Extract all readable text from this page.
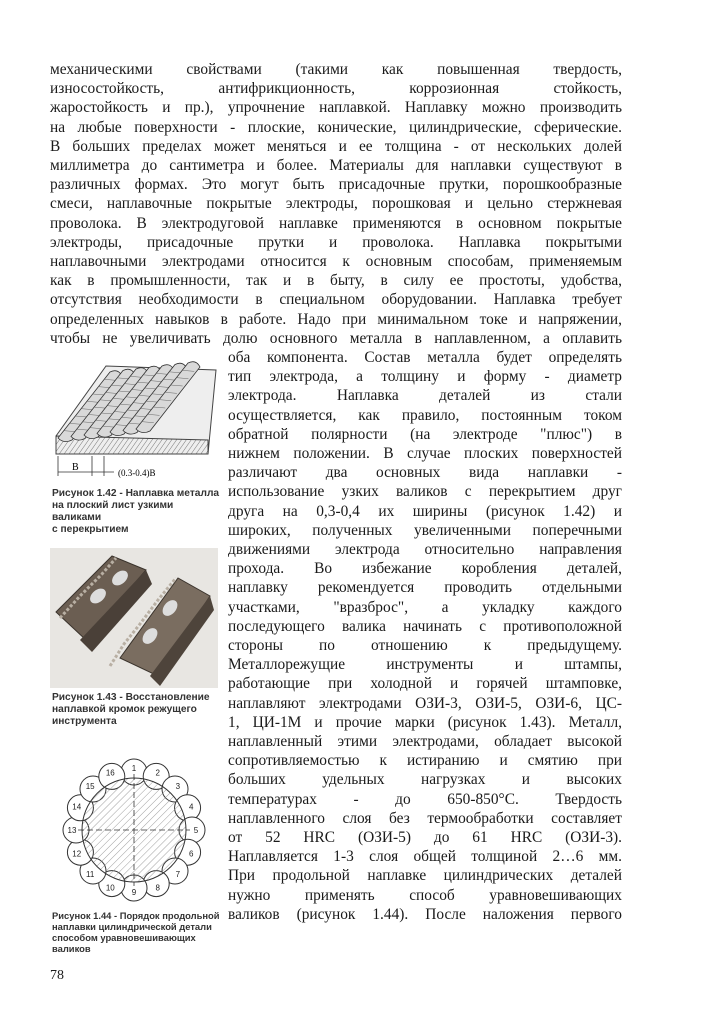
механическими свойствами (такими как повышенная твердость,
износостойкость, антифрикционность, коррозионная стойкость,
жаростойкость и пр.), упрочнение наплавкой. Наплавку можно производить
на любые поверхности - плоские, конические, цилиндрические, сферические.
В больших пределах может меняться и ее толщина - от нескольких долей
миллиметра до сантиметра и более. Материалы для наплавки существуют в
различных формах. Это могут быть присадочные прутки, порошкообразные
смеси, наплавочные покрытые электроды, порошковая и цельно стержневая
проволока. В электродуговой наплавке применяются в основном покрытые
электроды, присадочные прутки и проволока. Наплавка покрытыми
наплавочными электродами относится к основным способам, применяемым
как в промышленности, так и в быту, в силу ее простоты, удобства,
отсутствия необходимости в специальном оборудовании. Наплавка требует
определенных навыков в работе. Надо при минимальном токе и напряжении,
чтобы не увеличивать долю основного металла в наплавленном, а оплавить

В	(0.3-0.4)В
Рисунок 1.42 - Наплавка металла
на плоский лист узкими валиками
с перекрытием
Рисунок 1.43 - Восстановление
наплавкой кромок режущего
инструмента
1
2
3
4
5
6
7
8
9
10
11
12
13
14
15
16
Рисунок 1.44 - Порядок продольной
наплавки цилиндрической детали
способом уравновешивающих валиков

оба компонента. Состав металла будет определять
тип электрода, а толщину и форму - диаметр
электрода. Наплавка деталей из стали
осуществляется, как правило, постоянным током
обратной полярности (на электроде "плюс") в
нижнем положении. В случае плоских поверхностей
различают два основных вида наплавки -
использование узких валиков с перекрытием друг
друга на 0,3-0,4 их ширины (рисунок 1.42) и
широких, полученных увеличенными поперечными
движениями электрода относительно направления
прохода. Во избежание коробления деталей,
наплавку рекомендуется проводить отдельными
участками, "вразброс", а укладку каждого
последующего валика начинать с противоположной
стороны по отношению к предыдущему.
Металлорежущие инструменты и штампы,
работающие при холодной и горячей штамповке,
наплавляют электродами ОЗИ-3, ОЗИ-5, ОЗИ-6, ЦС-
1, ЦИ-1М и прочие марки (рисунок 1.43). Металл,
наплавленный этими электродами, обладает высокой
сопротивляемостью к истиранию и смятию при
больших удельных нагрузках и высоких
температурах - до 650-850°С. Твердость
наплавленного слоя без термообработки составляет
от 52 HRC (ОЗИ-5) до 61 HRC (ОЗИ-3).
Наплавляется 1-3 слоя общей толщиной 2…6 мм.
При продольной наплавке цилиндрических деталей
нужно применять способ уравновешивающих
валиков (рисунок 1.44). После наложения первого

78
